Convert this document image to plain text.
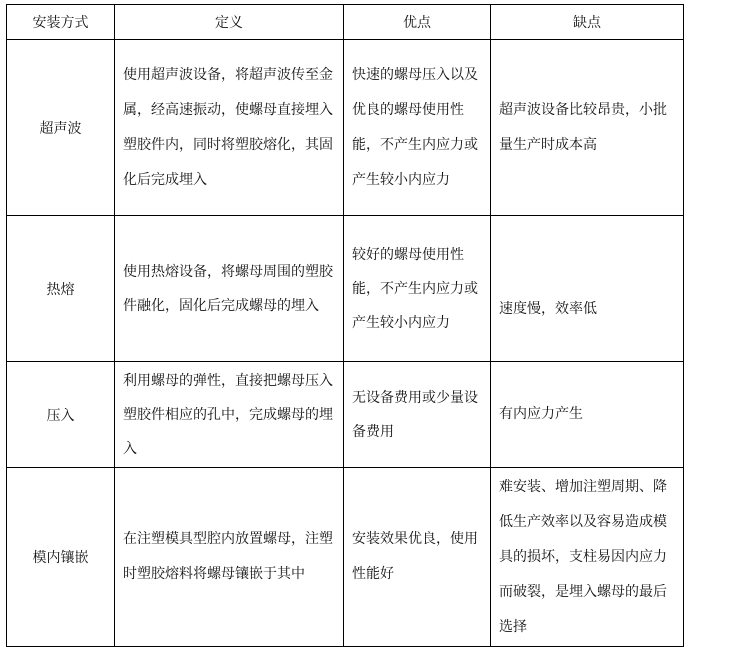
安装方式	定义	优点	缺点
超声波	使用超声波设备，将超声波传至金属，经高速振动，使螺母直接埋入塑胶件内，同时将塑胶熔化，其固化后完成埋入	快速的螺母压入以及优良的螺母使用性能，不产生内应力或产生较小内应力	超声波设备比较昂贵，小批量生产时成本高
热熔	使用热熔设备，将螺母周围的塑胶件融化，固化后完成螺母的埋入	较好的螺母使用性能，不产生内应力或产生较小内应力	速度慢，效率低
压入	利用螺母的弹性，直接把螺母压入塑胶件相应的孔中，完成螺母的埋入	无设备费用或少量设备费用	有内应力产生
模内镶嵌	在注塑模具型腔内放置螺母，注塑时塑胶熔料将螺母镶嵌于其中	安装效果优良，使用性能好	难安装、增加注塑周期、降低生产效率以及容易造成模具的损坏，支柱易因内应力而破裂，是埋入螺母的最后选择
